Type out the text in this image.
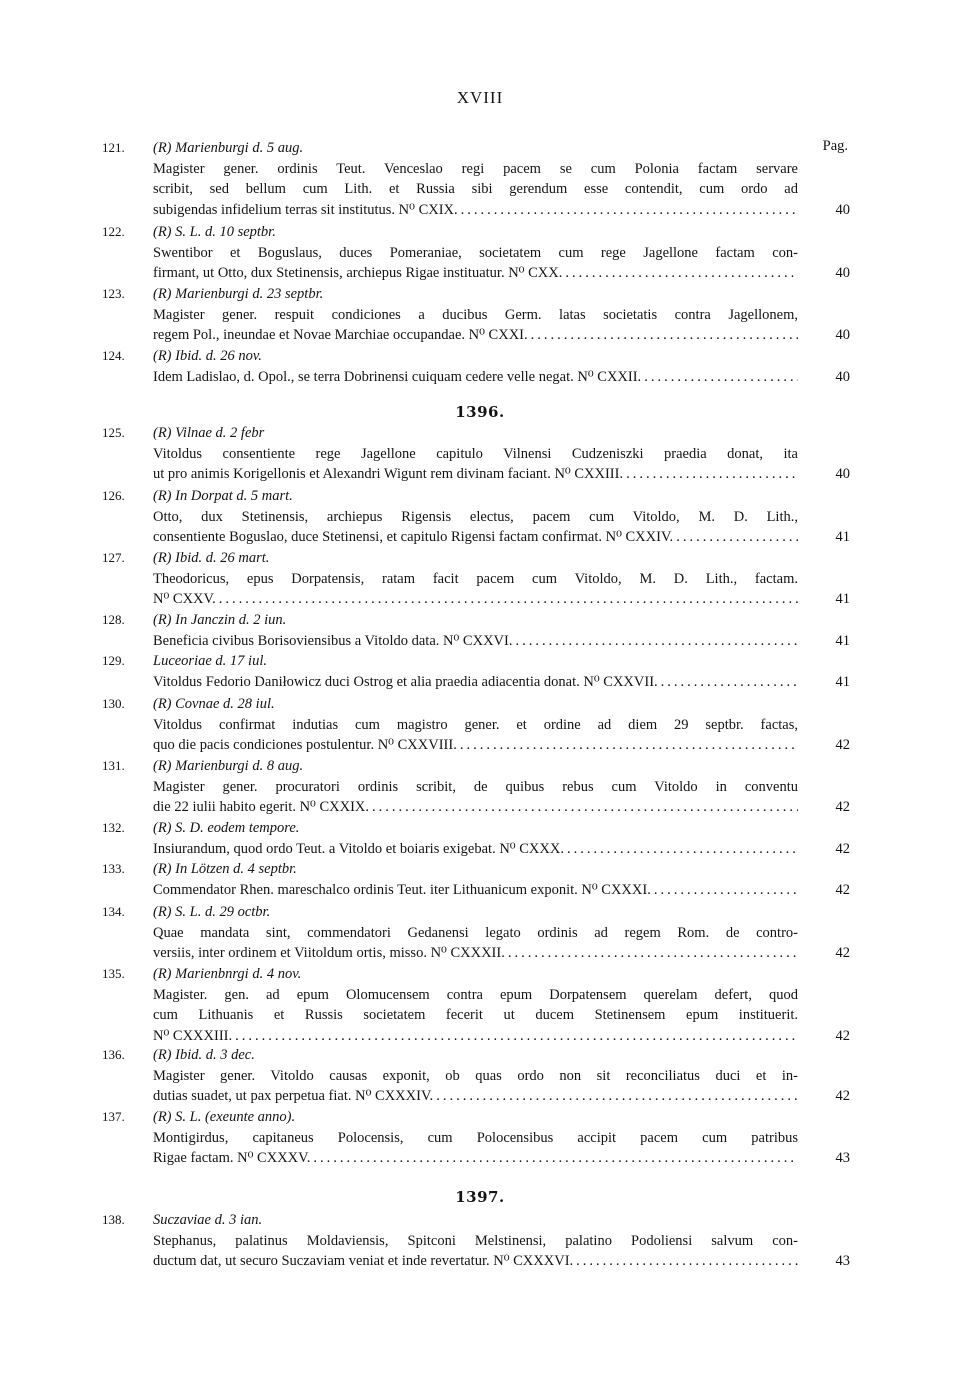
XVIII
Pag.
1396.
1397.
121.	(R) Marienburgi d. 5 aug.
Magister gener. ordinis Teut. Venceslao regi pacem se cum Polonia factam servare
scribit, sed bellum cum Lith. et Russia sibi gerendum esse contendit, cum ordo ad
subigendas infidelium terras sit institutus. N⁰ CXIX. .....	40
122.	(R) S. L. d. 10 septbr.
Swentibor et Boguslaus, duces Pomeraniae, societatem cum rege Jagellone factam con-
firmant, ut Otto, dux Stetinensis, archiepus Rigae instituatur. N⁰ CXX. .....	40
123.	(R) Marienburgi d. 23 septbr.
Magister gener. respuit condiciones a ducibus Germ. latas societatis contra Jagellonem,
regem Pol., ineundae et Novae Marchiae occupandae. N⁰ CXXI. .....	40
124.	(R) Ibid. d. 26 nov.
Idem Ladislao, d. Opol., se terra Dobrinensi cuiquam cedere velle negat. N⁰ CXXII. .....	40
125.	(R) Vilnae d. 2 febr
Vitoldus consentiente rege Jagellone capitulo Vilnensi Cudzeniszki praedia donat, ita
ut pro animis Korigellonis et Alexandri Wigunt rem divinam faciant. N⁰ CXXIII. .....	40
126.	(R) In Dorpat d. 5 mart.
Otto, dux Stetinensis, archiepus Rigensis electus, pacem cum Vitoldo, M. D. Lith.,
consentiente Boguslao, duce Stetinensi, et capitulo Rigensi factam confirmat. N⁰ CXXIV. .....	41
127.	(R) Ibid. d. 26 mart.
Theodoricus, epus Dorpatensis, ratam facit pacem cum Vitoldo, M. D. Lith., factam.
N⁰ CXXV. .....	41
128.	(R) In Janczin d. 2 iun.
Beneficia civibus Borisoviensibus a Vitoldo data. N⁰ CXXVI. .....	41
129.	Luceoriae d. 17 iul.
Vitoldus Fedorio Daniłowicz duci Ostrog et alia praedia adiacentia donat. N⁰ CXXVII. .....	41
130.	(R) Covnae d. 28 iul.
Vitoldus confirmat indutias cum magistro gener. et ordine ad diem 29 septbr. factas,
quo die pacis condiciones postulentur. N⁰ CXXVIII. .....	42
131.	(R) Marienburgi d. 8 aug.
Magister gener. procuratori ordinis scribit, de quibus rebus cum Vitoldo in conventu
die 22 iulii habito egerit. N⁰ CXXIX. .....	42
132.	(R) S. D. eodem tempore.
Insiurandum, quod ordo Teut. a Vitoldo et boiaris exigebat. N⁰ CXXX. .....	42
133.	(R) In Lötzen d. 4 septbr.
Commendator Rhen. mareschalco ordinis Teut. iter Lithuanicum exponit. N⁰ CXXXI. .....	42
134.	(R) S. L. d. 29 octbr.
Quae mandata sint, commendatori Gedanensi legato ordinis ad regem Rom. de contro-
versiis, inter ordinem et Viitoldum ortis, misso. N⁰ CXXXII. .....	42
135.	(R) Marienbnrgi d. 4 nov.
Magister. gen. ad epum Olomucensem contra epum Dorpatensem querelam defert, quod
cum Lithuanis et Russis societatem fecerit ut ducem Stetinensem epum instituerit.
N⁰ CXXXIII. .....	42
136.	(R) Ibid. d. 3 dec.
Magister gener. Vitoldo causas exponit, ob quas ordo non sit reconciliatus duci et in-
dutias suadet, ut pax perpetua fiat. N⁰ CXXXIV. .....	42
137.	(R) S. L. (exeunte anno).
Montigirdus, capitaneus Polocensis, cum Polocensibus accipit pacem cum patribus
Rigae factam. N⁰ CXXXV. .....	43
138.	Suczaviae d. 3 ian.
Stephanus, palatinus Moldaviensis, Spitconi Melstinensi, palatino Podoliensi salvum con-
ductum dat, ut securo Suczaviam veniat et inde revertatur. N⁰ CXXXVI. .....	43
